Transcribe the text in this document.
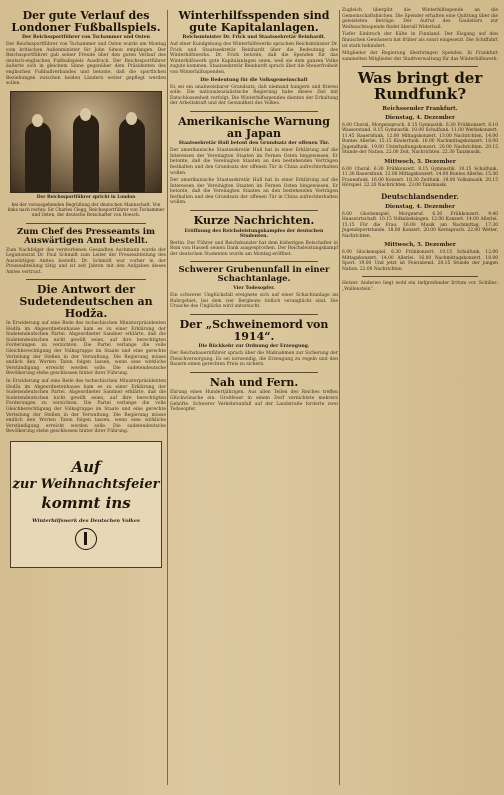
Der gute Verlauf des Londoner Fußballspiels.
Der Reichssportführer von Tschammer und Osten

Der Reichssportführer von Tschammer und Osten wurde am Montag vom britischen Außenminister Sir John Simon empfangen. Der Reichssportführer gab seiner Freude über den guten Verlauf des deutsch-englischen Fußballspiels Ausdruck. Der Reichssportführer äußerte sich in gleichem Sinne gegenüber dem Präsidenten des englischen Fußballverbandes und betonte, daß die sportlichen Beziehungen zwischen beiden Ländern weiter gepflegt werden sollen.

Der Reichssportführer spricht in London

bei der vorausgehenden Begrüßung der deutschen Mannschaft. Von links nach rechts: Sir Charles Clegg, Reichssportführer von Tschammer und Osten, der deutsche Botschafter von Hoesch.

Zum Chef des Presseamts im Auswärtigen Amt bestellt.

Zum Nachfolger des verstorbenen Gesandten Aschmann wurde der Legationsrat Dr. Paul Schmidt zum Leiter der Presseabteilung des Auswärtigen Amtes bestellt. Dr. Schmidt war vorher in der Presseabteilung tätig und ist seit Jahren mit den Aufgaben dieses Amtes vertraut.

Die Antwort der Sudetendeutschen an Hodža.

In Erwiderung auf eine Rede des tschechischen Ministerpräsidenten Hodža im Abgeordnetenhause kam es zu einer Erklärung der Sudetendeutschen Partei. Abgeordneter Sandner erklärte, daß die Sudetendeutschen nicht gewillt seien, auf ihre berechtigten Forderungen zu verzichten. Die Partei verlange die volle Gleichberechtigung der Volksgruppe im Staate und eine gerechte Verteilung der Stellen in der Verwaltung. Die Regierung müsse endlich den Worten Taten folgen lassen, wenn eine wirkliche Verständigung erreicht werden solle. Die sudetendeutsche Bevölkerung stehe geschlossen hinter ihrer Führung.

In Erwiderung auf eine Rede des tschechischen Ministerpräsidenten Hodža im Abgeordnetenhause kam es zu einer Erklärung der Sudetendeutschen Partei. Abgeordneter Sandner erklärte, daß die Sudetendeutschen nicht gewillt seien, auf ihre berechtigten Forderungen zu verzichten. Die Partei verlange die volle Gleichberechtigung der Volksgruppe im Staate und eine gerechte Verteilung der Stellen in der Verwaltung. Die Regierung müsse endlich den Worten Taten folgen lassen, wenn eine wirkliche Verständigung erreicht werden solle. Die sudetendeutsche Bevölkerung stehe geschlossen hinter ihrer Führung.

Auf
zur Weihnachtsfeier
kommt ins
Winterhilfswerk des Deutschen Volkes
Winterhilfsspenden sind gute Kapitalanlagen.
Reichsminister Dr. Frick und Staatssekretär Reinhardt.

Auf einer Kundgebung des Winterhilfswerks sprachen Reichsminister Dr. Frick und Staatssekretär Reinhardt über die Bedeutung des Winterhilfswerks. Dr. Frick betonte, daß die Spenden für das Winterhilfswerk gute Kapitalanlagen seien, weil sie dem ganzen Volke zugute kommen. Staatssekretär Reinhardt sprach über die Steuerfreiheit von Winterhilfsspenden.

Die Bedeutung für die Volksgemeinschaft

Es sei ein unabweisbarer Grundsatz, daß niemand hungern und frieren solle. Die nationalsozialistische Regierung habe dieses Ziel mit Entschlossenheit verfolgt. Die Winterhilfsspenden dienten der Erhaltung der Arbeitskraft und der Gesundheit des Volkes.

Amerikanische Warnung an Japan
Staatssekretär Hull betont den Grundsatz der offenen Tür.

Der amerikanische Staatssekretär Hull hat in einer Erklärung auf die Interessen der Vereinigten Staaten im Fernen Osten hingewiesen. Er betonte, daß die Vereinigten Staaten an den bestehenden Verträgen festhalten und den Grundsatz der offenen Tür in China aufrechterhalten wollen.

Der amerikanische Staatssekretär Hull hat in einer Erklärung auf die Interessen der Vereinigten Staaten im Fernen Osten hingewiesen. Er betonte, daß die Vereinigten Staaten an den bestehenden Verträgen festhalten und den Grundsatz der offenen Tür in China aufrechterhalten wollen.

Kurze Nachrichten.
Eröffnung des Reichsleistungskampfes der deutschen Studenten.

Berlin. Der Führer und Reichskanzler hat dem bisherigen Botschafter in Rom von Hassell seinen Dank ausgesprochen. Der Reichsleistungskampf der deutschen Studenten wurde am Montag eröffnet.

Schwerer Grubenunfall in einer Schachtanlage.
Vier Todesopfer.

Ein schwerer Unglücksfall ereignete sich auf einer Schachtanlage im Ruhrgebiet, bei dem vier Bergleute tödlich verunglückt sind. Die Ursache des Unglücks wird untersucht.

Der „Schweinemord von 1914“.
Die Rückkehr zur Ordnung der Erzeugung.

Der Reichsbauernführer sprach über die Maßnahmen zur Sicherung der Fleischversorgung. Es sei notwendig, die Erzeugung zu regeln und den Bauern einen gerechten Preis zu sichern.

Nah und Fern.

Ehrung eines Hundertjährigen. Aus allen Teilen des Reiches treffen Glückwünsche ein. Großfeuer in einem Dorf vernichtete mehrere Gehöfte. Schwerer Verkehrsunfall auf der Landstraße forderte zwei Todesopfer.

Zugleich übergibt die Winterhilfsspende an die Gemeinschaftsküchen. Die Spender erhalten eine Quittung über die geleisteten Beträge. Der Aufruf des Gauleiters zur Weihnachtsspende findet überall Widerhall.

Tiefer Einbruch der Kälte in Finnland. Der Eisgang auf den finnischen Gewässern hat früher als sonst eingesetzt. Die Schiffahrt ist stark behindert.

Mitglieder der Regierung überbringen Spenden. In Frankfurt sammelten Mitglieder der Stadtverwaltung für das Winterhilfswerk.

Was bringt der Rundfunk?
Reichssender Frankfurt.
Dienstag, 4. Dezember

6.00 Choral, Morgenspruch. 6.15 Gymnastik. 6.30 Frühkonzert. 8.10 Wasserstand. 8.15 Gymnastik. 10.00 Schulfunk. 11.00 Werbekonzert. 11.45 Bauernfunk. 12.00 Mittagskonzert. 13.00 Nachrichten. 14.00 Buntes Allerlei. 15.15 Kinderfunk. 16.00 Nachmittagskonzert. 18.00 Jugendfunk. 19.00 Unterhaltungskonzert. 20.00 Nachrichten. 20.15 Stunde der Nation. 22.00 Zeit, Nachrichten. 22.30 Tanzmusik.

Mittwoch, 5. Dezember

6.00 Choral. 6.30 Frühkonzert. 8.15 Gymnastik. 10.15 Schulfunk. 11.30 Bauernfunk. 12.00 Mittagskonzert. 14.00 Buntes Allerlei. 15.30 Frauenfunk. 16.00 Konzert. 18.30 Zeitfunk. 19.00 Volksmusik. 20.15 Hörspiel. 22.20 Nachrichten. 23.00 Tanzmusik.

Deutschlandsender.
Dienstag, 4. Dezember

6.00 Glockenspiel, Morgenruf. 6.30 Frühkonzert. 9.40 Hauswirtschaft. 10.15 Volksliedsingen. 12.00 Konzert. 14.00 Allerlei. 15.15 Für die Frau. 16.00 Musik am Nachmittag. 17.30 Jugendsportstunde. 18.00 Konzert. 20.00 Kernspruch. 22.00 Wetter, Nachrichten.

Mittwoch, 5. Dezember

6.00 Glockenspiel. 6.30 Frühkonzert. 10.15 Schulfunk. 12.00 Mittagskonzert. 14.00 Allerlei. 16.00 Nachmittagskonzert. 18.00 Sport. 19.00 Und jetzt ist Feierabend. 20.15 Stunde der jungen Nation. 22.00 Nachrichten.

Hetzer. Anderwo liegt wohl ein tiefgreifender Irrtum vor. Schiller: „Wallenstein“.
